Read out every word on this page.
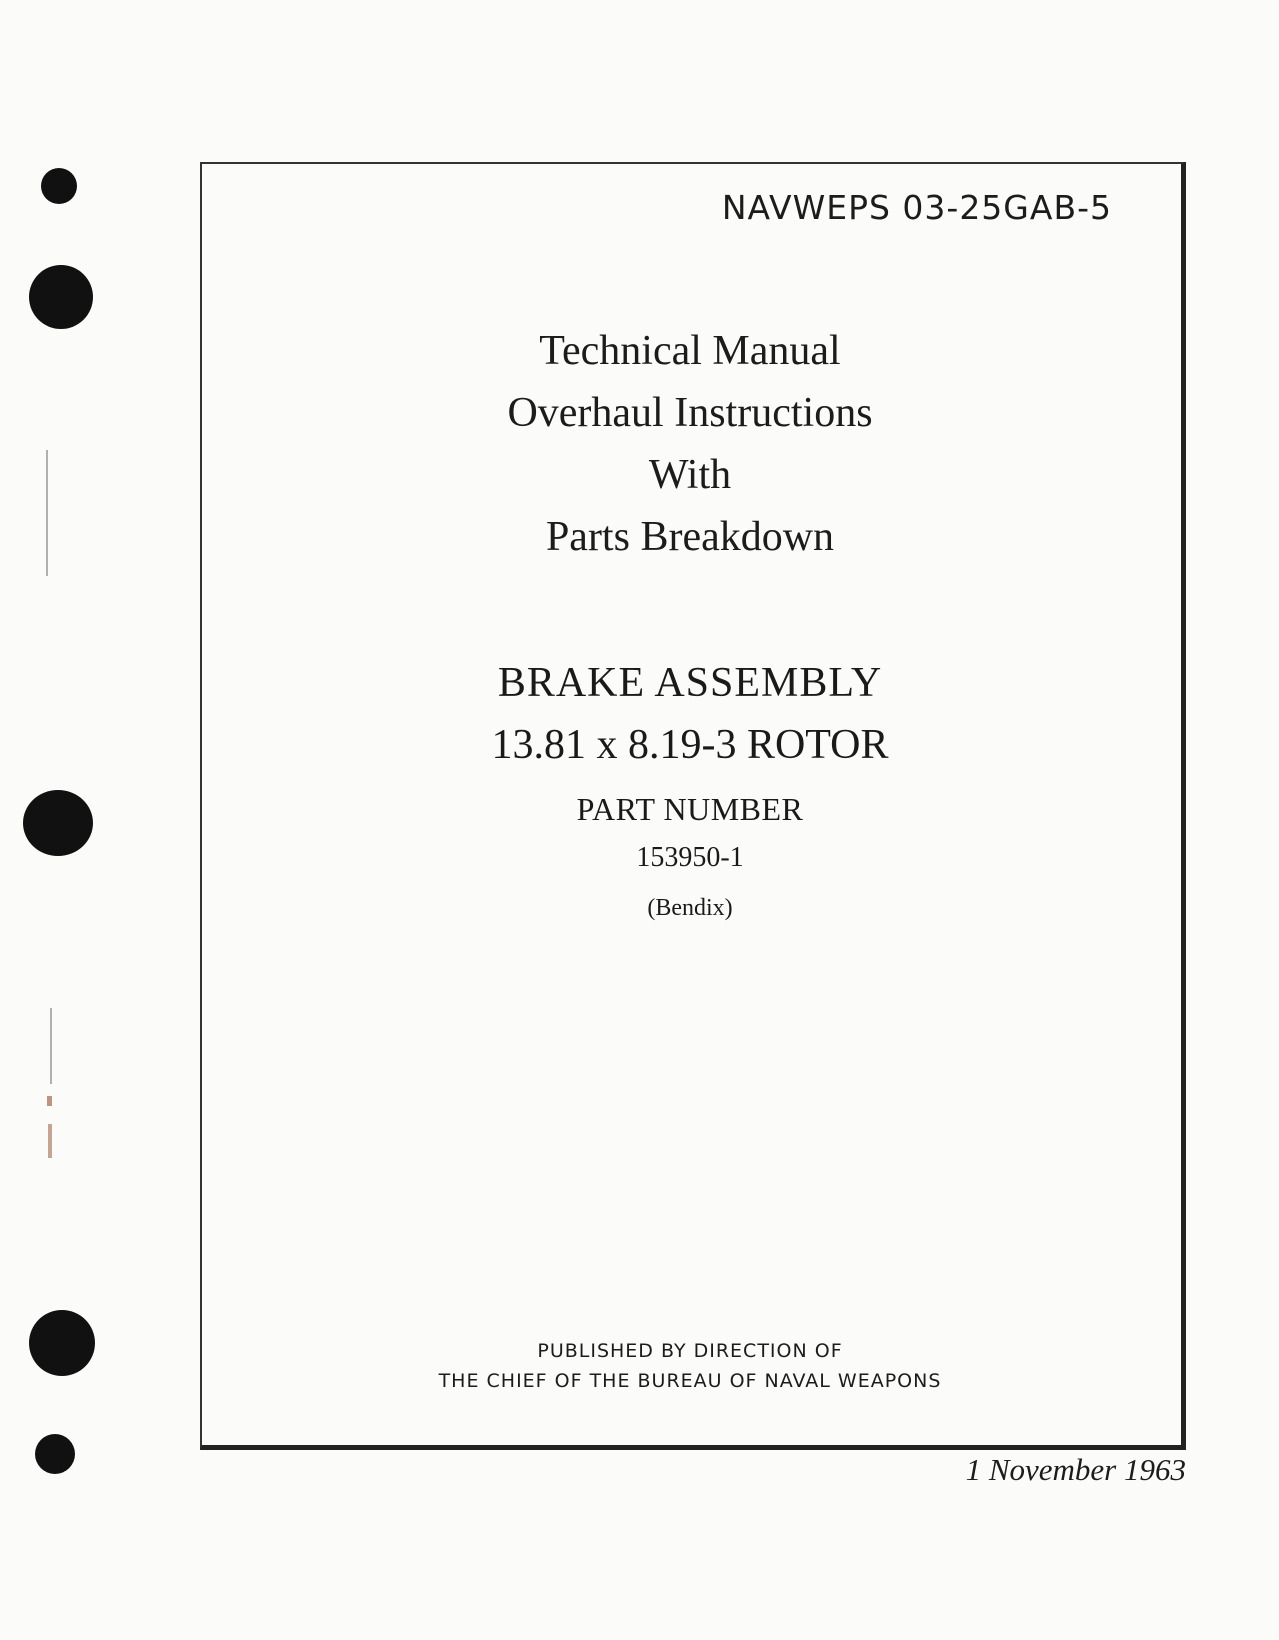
NAVWEPS 03-25GAB-5
Technical Manual
Overhaul Instructions
With
Parts Breakdown
BRAKE ASSEMBLY
13.81 x 8.19-3 ROTOR
PART NUMBER
153950-1
(Bendix)
PUBLISHED BY DIRECTION OF
THE CHIEF OF THE BUREAU OF NAVAL WEAPONS
1 November 1963
